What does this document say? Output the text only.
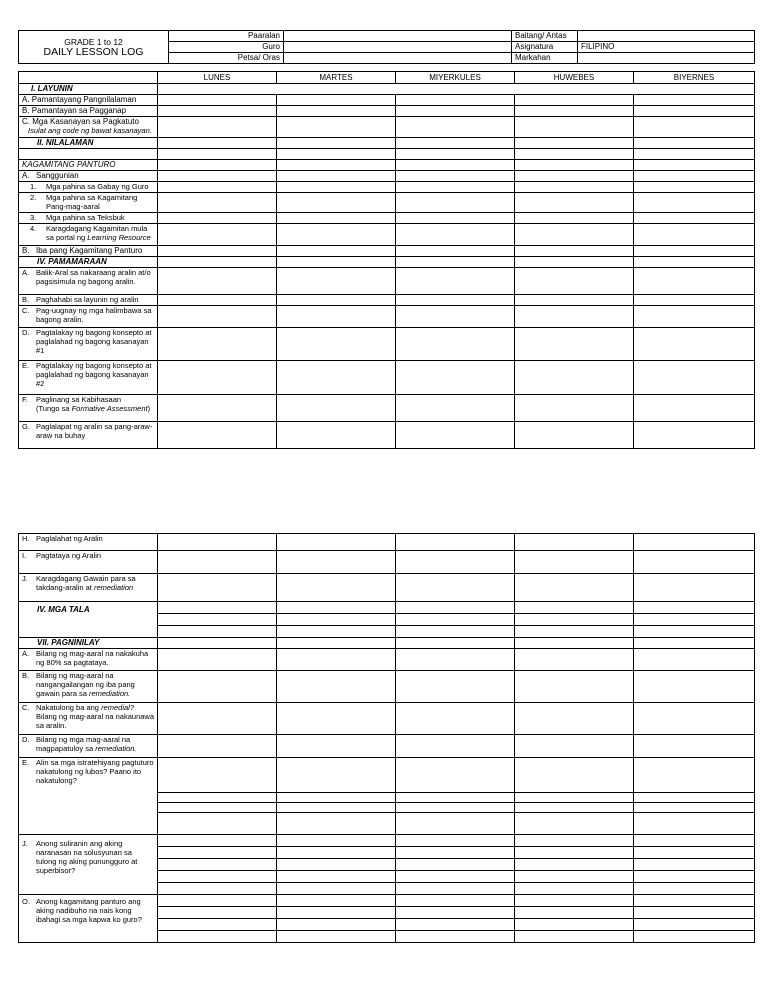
GRADE 1 to 12
DAILY LESSON LOG	Paaralan		Baitang/ Antas	
	Guro		Asignatura	FILIPINO
	Petsa/ Oras		Markahan	
	LUNES	MARTES	MIYERKULES	HUWEBES	BIYERNES
I. LAYUNIN					
A. Pamantayang Pangnilalaman					
B. Pamantayan sa Pagganap					

C. Mga Kasanayan sa Pagkatuto
Isulat ang code ng bawat kasanayan.					

II. NILALAMAN					

KAGAMITANG PANTURO					
A. Sanggunian					
1. Mga pahina sa Gabay ng Guro					

2. Mga pahina sa Kagamitang Pang-mag-aaral					

3. Mga pahina sa Teksbuk					

4. Karagdagang Kagamitan mula sa portal ng Learning Resource					

B. Iba pang Kagamitang Panturo					
IV. PAMAMARAAN					

A. Balik-Aral sa nakaraang aralin at/o pagsisimula ng bagong aralin.					

B. Paghahabi sa layunin ng aralin					

C. Pag-uugnay ng mga halimbawa sa bagong aralin.					

D. Pagtalakay ng bagong konsepto at paglalahad ng bagong kasanayan #1					

E. Pagtalakay ng bagong konsepto at paglalahad ng bagong kasanayan #2					

F. Paglinang sa Kabihasaan
(Tungo sa Formative Assessment)					

G. Paglalapat ng aralin sa pang-araw-araw na buhay					

H. Paglalahat ng Aralin					
I. Pagtataya ng Aralin					

J. Karagdagang Gawain para sa takdang-aralin at remediation					

IV. MGA TALA					

VII. PAGNINILAY					

A. Bilang ng mag-aaral na nakakuha ng 80% sa pagtataya.					

B. Bilang ng mag-aaral na nangangailangan ng iba pang gawain para sa remediation.					

C. Nakatulong ba ang remedial? Bilang ng mag-aaral na nakaunawa sa aralin.					

D. Bilang ng mga mag-aaral na magpapatuloy sa remediation.					

E. Alin sa mga istratehiyang pagtuturo nakatulong ng lubos? Paano ito nakatulong?					

J. Anong suliranin ang aking naranasan na solusyunan sa tulong ng aking punungguro at superbisor?					

O. Anong kagamitang panturo ang aking nadibuho na nais kong ibahagi sa mga kapwa ko guro?					
